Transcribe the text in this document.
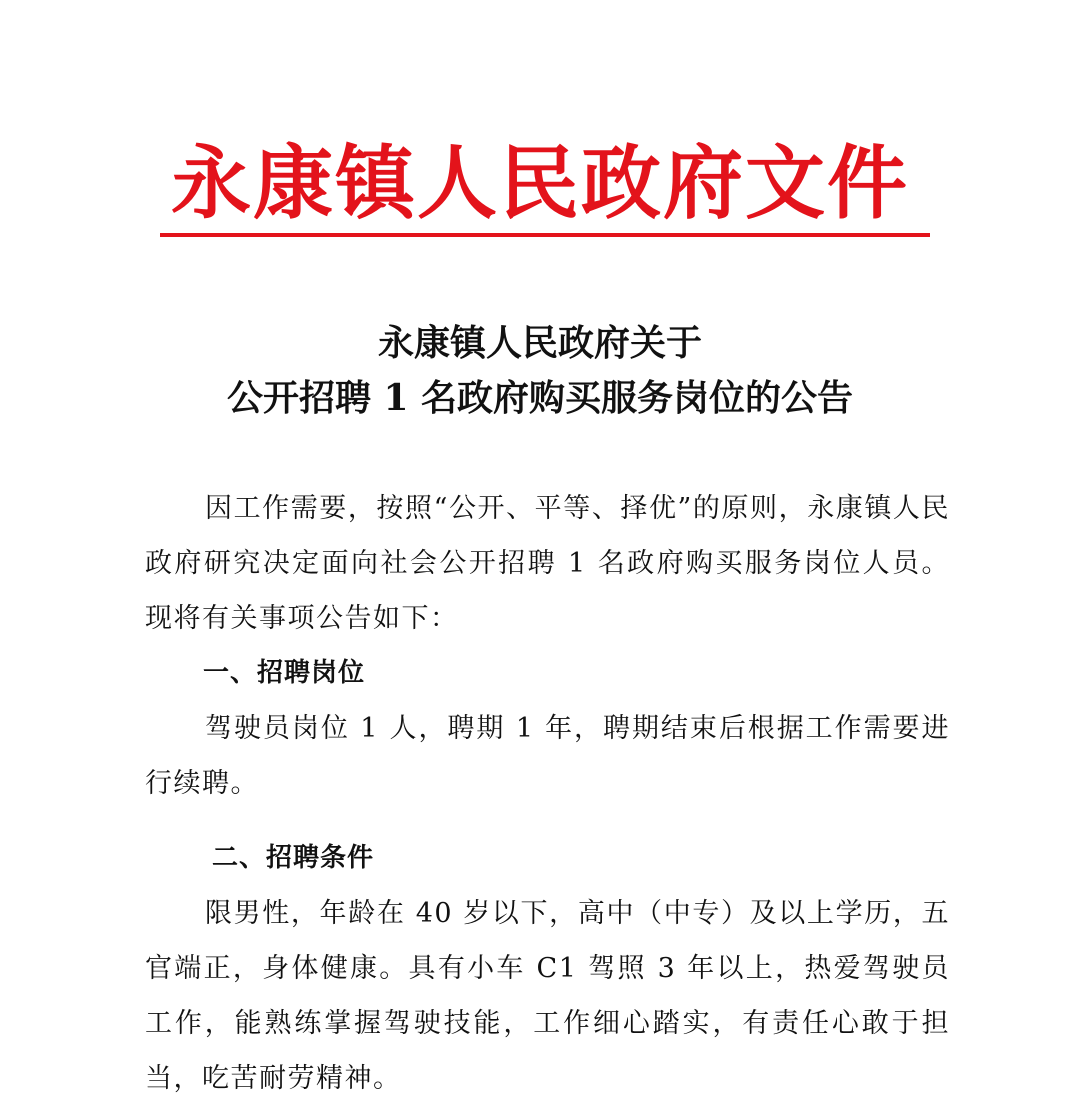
永康镇人民政府文件
永康镇人民政府关于
公开招聘 1 名政府购买服务岗位的公告

因工作需要，按照“公开、平等、择优”的原则，永康镇人民政府研究决定面向社会公开招聘 1 名政府购买服务岗位人员。现将有关事项公告如下：

一、招聘岗位

驾驶员岗位 1 人，聘期 1 年，聘期结束后根据工作需要进行续聘。

二、招聘条件

限男性，年龄在 40 岁以下，高中（中专）及以上学历，五官端正，身体健康。具有小车 C1 驾照 3 年以上，热爱驾驶员工作，能熟练掌握驾驶技能，工作细心踏实，有责任心敢于担当，吃苦耐劳精神。
